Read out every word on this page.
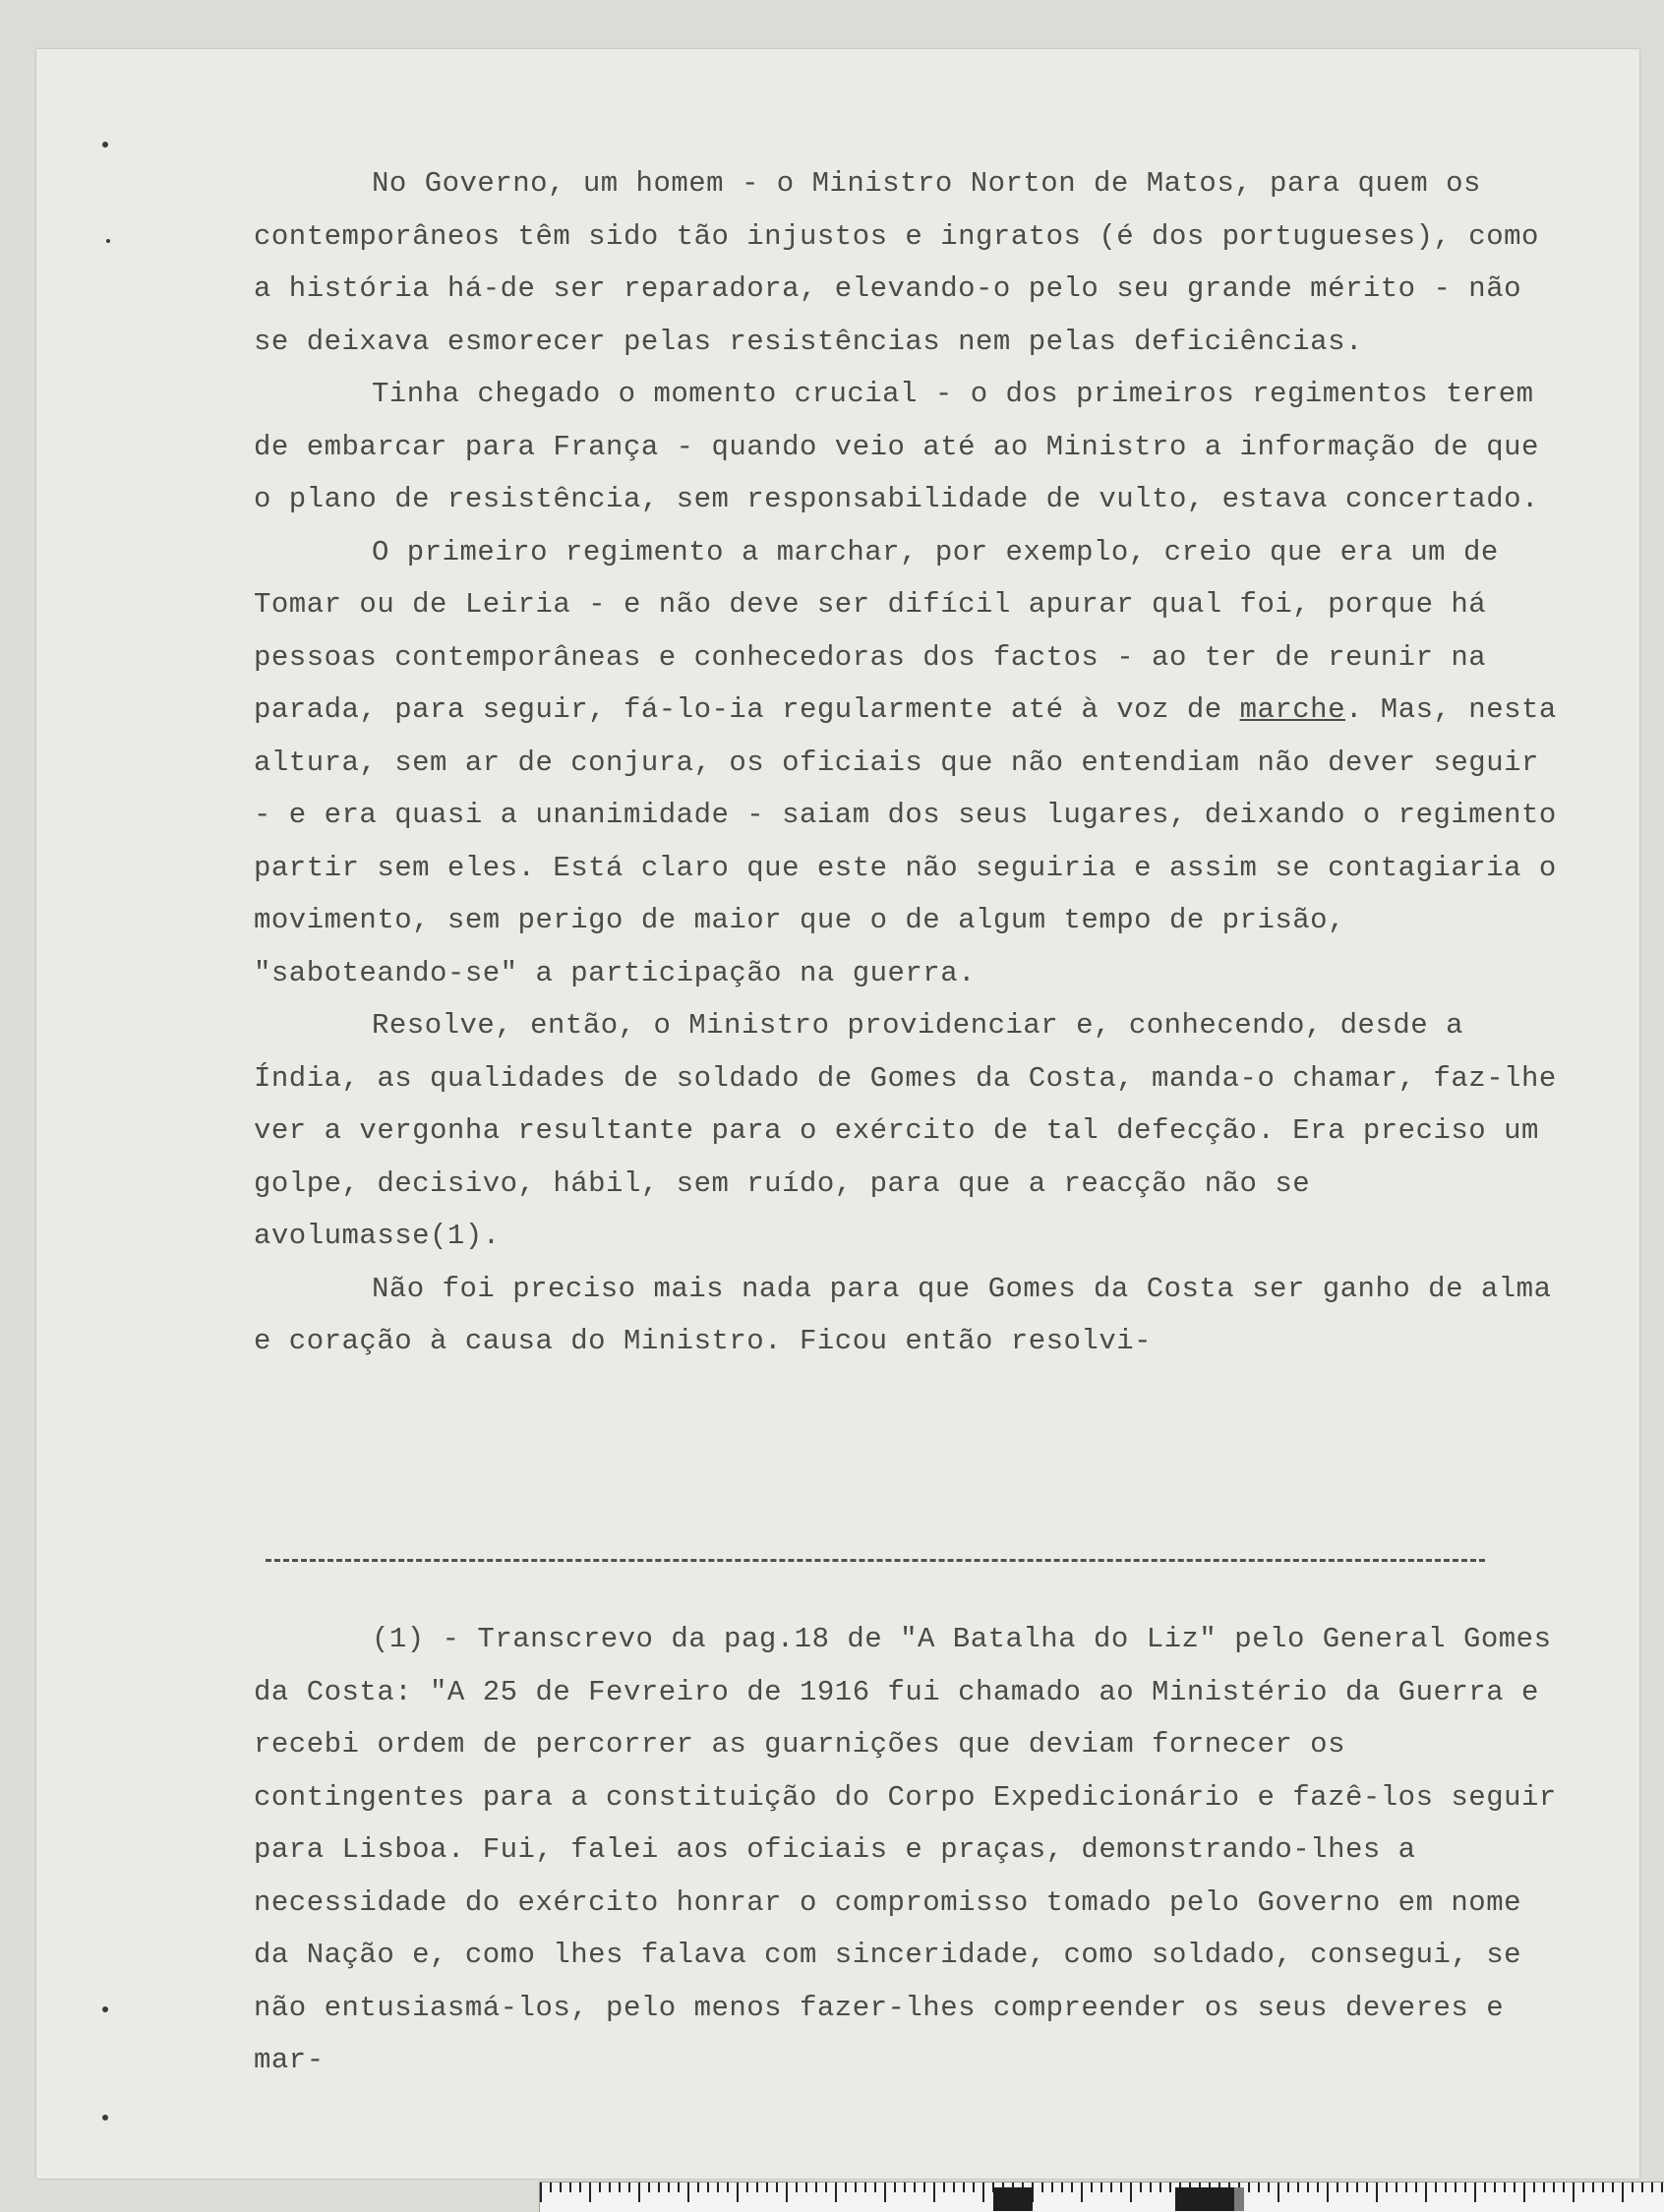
No Governo, um homem - o Ministro Norton de Matos, para quem os contemporâneos têm sido tão injustos e ingratos (é dos portugueses), como a história há-de ser reparadora, elevando-o pelo seu grande mérito - não se deixava esmorecer pelas resistências nem pelas deficiências.

Tinha chegado o momento crucial - o dos primeiros regimentos terem de embarcar para França - quando veio até ao Ministro a informação de que o plano de resistência, sem responsabilidade de vulto, estava concertado.

O primeiro regimento a marchar, por exemplo, creio que era um de Tomar ou de Leiria - e não deve ser difícil apurar qual foi, porque há pessoas contemporâneas e conhecedoras dos factos - ao ter de reunir na parada, para seguir, fá-lo-ia regularmente até à voz de marche. Mas, nesta altura, sem ar de conjura, os oficiais que não entendiam não dever seguir - e era quasi a unanimidade - saiam dos seus lugares, deixando o regimento partir sem eles. Está claro que este não seguiria e assim se contagiaria o movimento, sem perigo de maior que o de algum tempo de prisão, "saboteando-se" a participação na guerra.

Resolve, então, o Ministro providenciar e, conhecendo, desde a Índia, as qualidades de soldado de Gomes da Costa, manda-o chamar, faz-lhe ver a vergonha resultante para o exército de tal defecção. Era preciso um golpe, decisivo, hábil, sem ruído, para que a reacção não se avolumasse(1).

Não foi preciso mais nada para que Gomes da Costa ser ganho de alma e coração à causa do Ministro. Ficou então resolvi-

(1) - Transcrevo da pag.18 de "A Batalha do Liz" pelo General Gomes da Costa: "A 25 de Fevreiro de 1916 fui chamado ao Ministério da Guerra e recebi ordem de percorrer as guarnições que deviam fornecer os contingentes para a constituição do Corpo Expedicionário e fazê-los seguir para Lisboa. Fui, falei aos oficiais e praças, demonstrando-lhes a necessidade do exército honrar o compromisso tomado pelo Governo em nome da Nação e, como lhes falava com sinceridade, como soldado, consegui, se não entusiasmá-los, pelo menos fazer-lhes compreender os seus deveres e mar-
